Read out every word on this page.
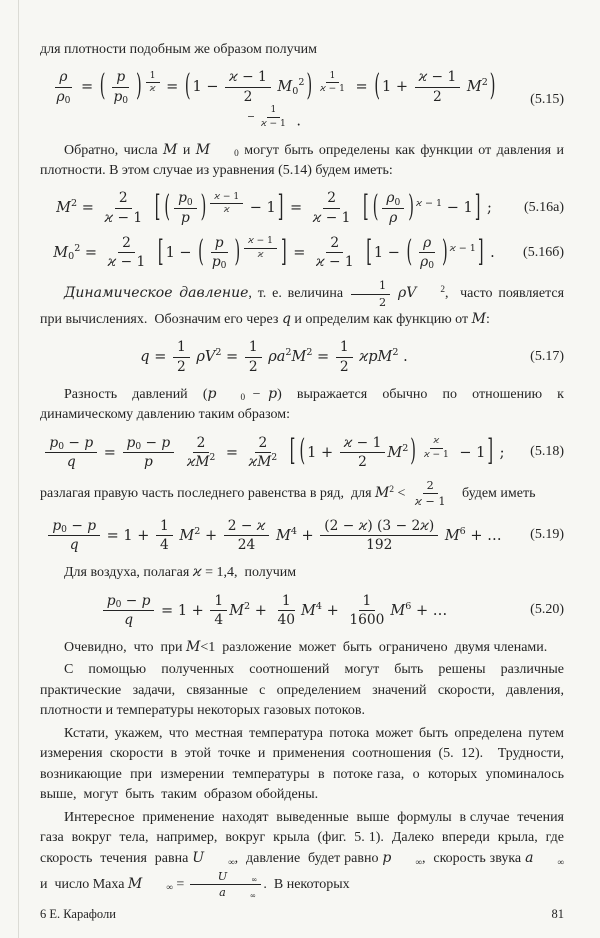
для плотности подобным же образом получим
$\frac{\rho}{\rho 0}$ = ( $\frac{p}{p0}$ ) $\frac{1}{ϰ}$ = ( $1 - \frac{ϰ - 1}{2} M02$ ) $\frac{1}{ϰ - 1}$ = ( $1 + \frac{ϰ - 1}{2} M2$ )
− $\frac{1}{ϰ - 1}$ .
(5.15)
Обратно, числа M и M	0 могут быть определены как функции от давления и плотности. В этом случае из уравнения (5.14) будем иметь:
$M2 = \frac{2}{ϰ - 1}$
[ ( $\frac{p0}{p}$ ) $\frac{ϰ - 1}{ϰ} - 1$ ] = $\frac{2}{ϰ - 1}$
[ ( $\frac{\rho 0}{\rho}$ ) ϰ − 1 − 1 ] ;	(5.16а)
$M02 = \frac{2}{ϰ - 1}$
[ 1 − ( $\frac{p}{p0}$ ) $\frac{ϰ - 1}{ϰ}$ ] = $\frac{2}{ϰ - 1}$
[ 1 − ( $\frac{\rho}{\rho 0}$ ) ϰ − 1 ] .	(5.16б)
Динамическое давление, т. е. величина $\frac{1}{2}$ ρV	2,  часто появляется при вычислениях.  Обозначим его через q и определим как функцию от M:
$q = \frac{1}{2} \rho V2 = \frac{1}{2} \rho a2M2 = \frac{1}{2} ϰpM2$ .	(5.17)
Разность  давлений  (p	0 − p)  выражается  обычно  по  отношению  к  динамическому давлению таким образом:
$\frac{p0 - p}{q} = \frac{p0 - p}{p}$
$\frac{2}{ϰM2} = \frac{2}{ϰM2}$
[ ( $1 + \frac{ϰ - 1}{2} M2$ ) $\frac{ϰ}{ϰ - 1} - 1$ ] ;	(5.18)
разлагая правую часть последнего равенства в ряд,  для $M2 < \frac{2}{ϰ - 1}$ будем иметь
$\frac{p0 - p}{q} = 1 + \frac{1}{4} M2 + \frac{2 - ϰ}{24} M4 + \frac{(2 - ϰ) (3 - 2ϰ)}{192} M6$ + …	(5.19)
Для воздуха, полагая ϰ = 1,4,  получим
$\frac{p0 - p}{q} = 1 + \frac{1}{4} M2 + \frac{1}{40} M4 + \frac{1}{1600} M6$ + …	(5.20)
Очевидно,  что  при M<1  разложение  может  быть  ограничено  двумя членами.
С помощью полученных соотношений могут быть решены различные практические задачи, связанные с определением значений скорости, давления, плотности и температуры некоторых газовых потоков.
Кстати, укажем, что местная температура потока может быть определена путем измерения скорости в этой точке и применения соотношения (5. 12).  Трудности,  возникающие  при  измерении  температуры  в  потоке газа,  о  которых  упоминалось  выше,  могут  быть  таким  образом обойдены.
Интересное  применение  находят  выведенные  выше  формулы  в случае  течения  газа  вокруг  тела,  например,  вокруг  крыла  (фиг.  5. 1).  Далеко  впереди  крыла,  где  скорость  течения  равна U	∞,  давление  будет равно p	∞,  скорость звука a	∞  и  число Маха M	∞ = U	∞
a	∞ .  В некоторых
6 Е. Карафоли	81
